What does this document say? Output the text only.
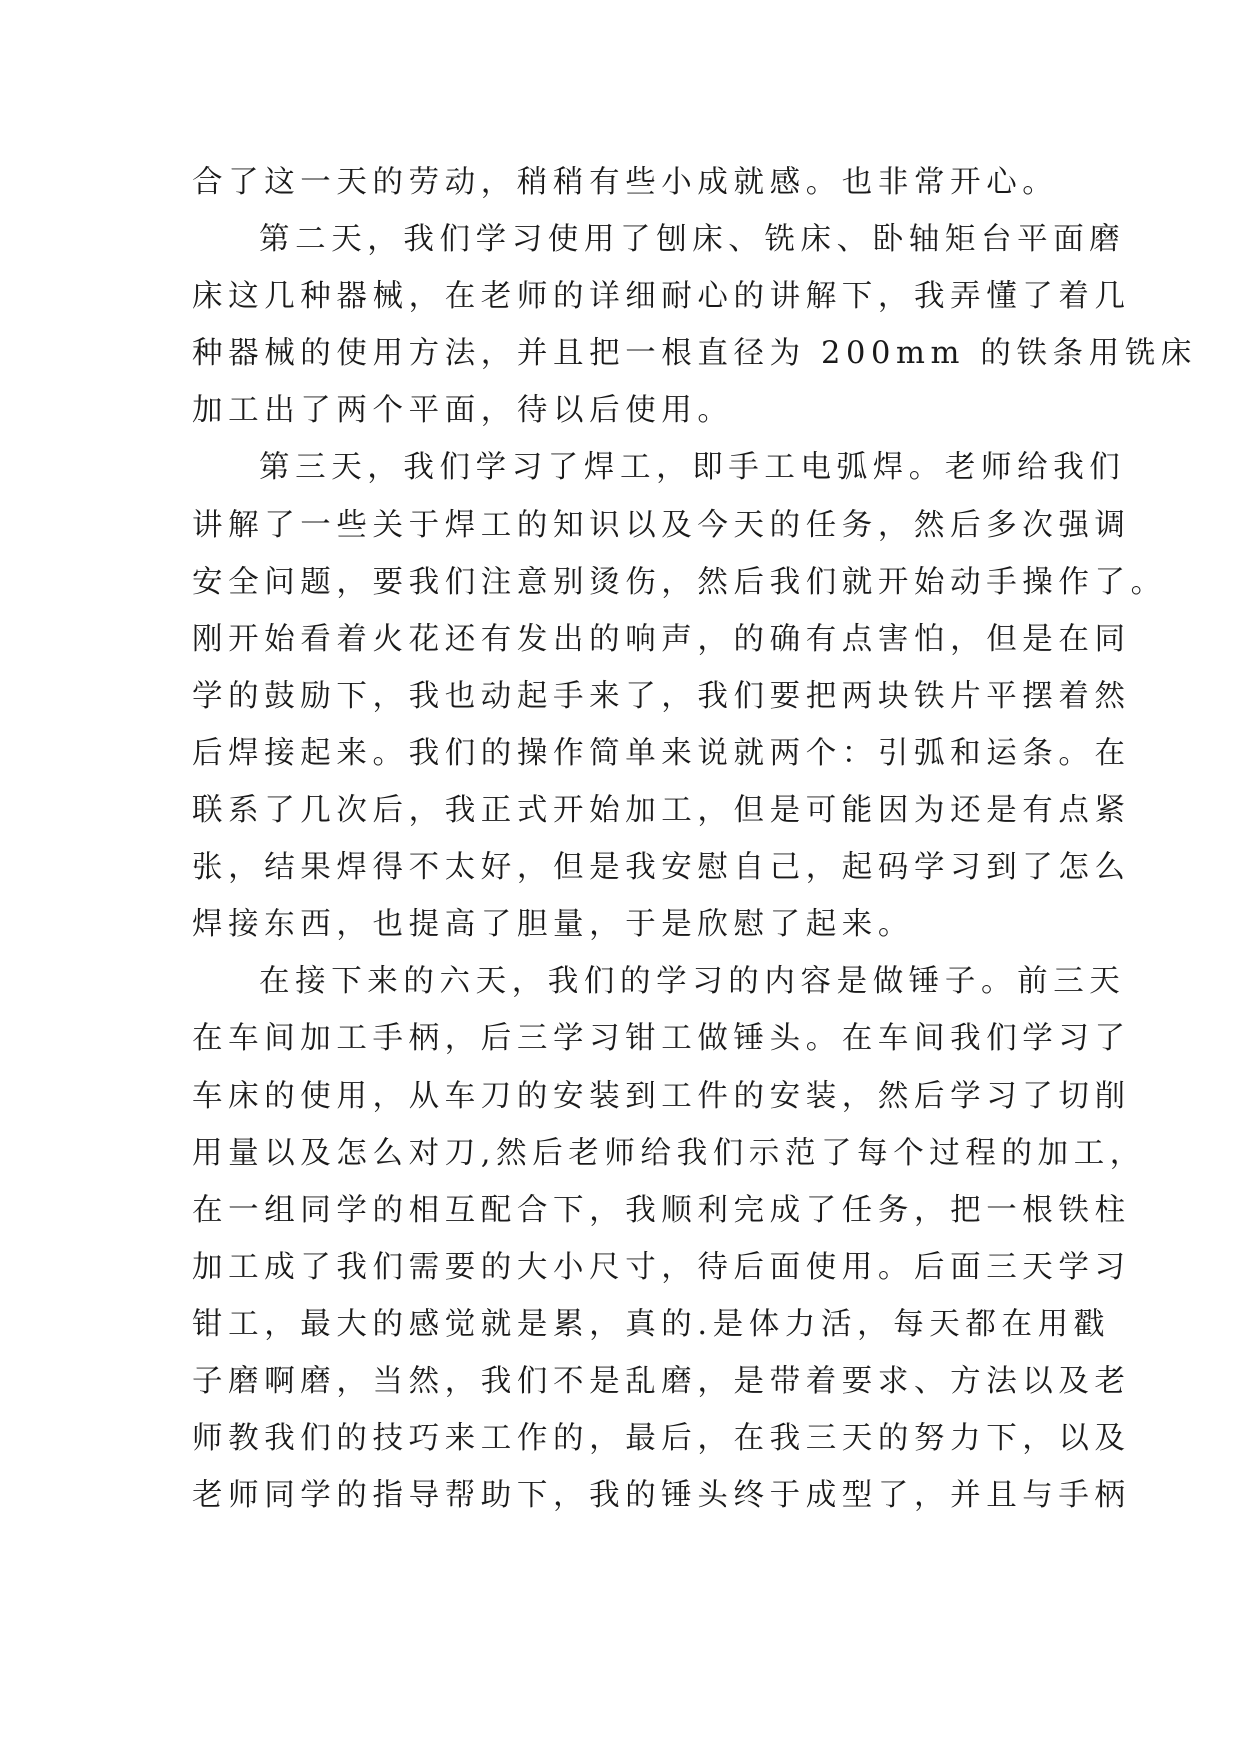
合了这一天的劳动，稍稍有些小成就感。也非常开心。
第二天，我们学习使用了刨床、铣床、卧轴矩台平面磨
床这几种器械，在老师的详细耐心的讲解下，我弄懂了着几
种器械的使用方法，并且把一根直径为 200mm 的铁条用铣床
加工出了两个平面，待以后使用。
第三天，我们学习了焊工，即手工电弧焊。老师给我们
讲解了一些关于焊工的知识以及今天的任务，然后多次强调
安全问题，要我们注意别烫伤，然后我们就开始动手操作了。
刚开始看着火花还有发出的响声，的确有点害怕，但是在同
学的鼓励下，我也动起手来了，我们要把两块铁片平摆着然
后焊接起来。我们的操作简单来说就两个：引弧和运条。在
联系了几次后，我正式开始加工，但是可能因为还是有点紧
张，结果焊得不太好，但是我安慰自己，起码学习到了怎么
焊接东西，也提高了胆量，于是欣慰了起来。
在接下来的六天，我们的学习的内容是做锤子。前三天
在车间加工手柄，后三学习钳工做锤头。在车间我们学习了
车床的使用，从车刀的安装到工件的安装，然后学习了切削
用量以及怎么对刀,然后老师给我们示范了每个过程的加工，
在一组同学的相互配合下，我顺利完成了任务，把一根铁柱
加工成了我们需要的大小尺寸，待后面使用。后面三天学习
钳工，最大的感觉就是累，真的.是体力活，每天都在用戳
子磨啊磨，当然，我们不是乱磨，是带着要求、方法以及老
师教我们的技巧来工作的，最后，在我三天的努力下，以及
老师同学的指导帮助下，我的锤头终于成型了，并且与手柄
